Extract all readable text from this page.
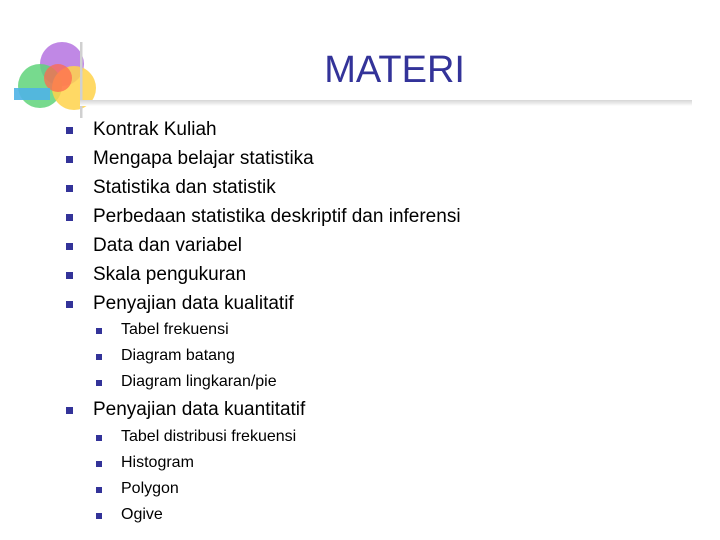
MATERI
Kontrak Kuliah
Mengapa belajar statistika
Statistika dan statistik
Perbedaan statistika deskriptif dan inferensi
Data dan variabel
Skala pengukuran
Penyajian data kualitatif
Tabel frekuensi
Diagram batang
Diagram lingkaran/pie
Penyajian data kuantitatif
Tabel distribusi frekuensi
Histogram
Polygon
Ogive
